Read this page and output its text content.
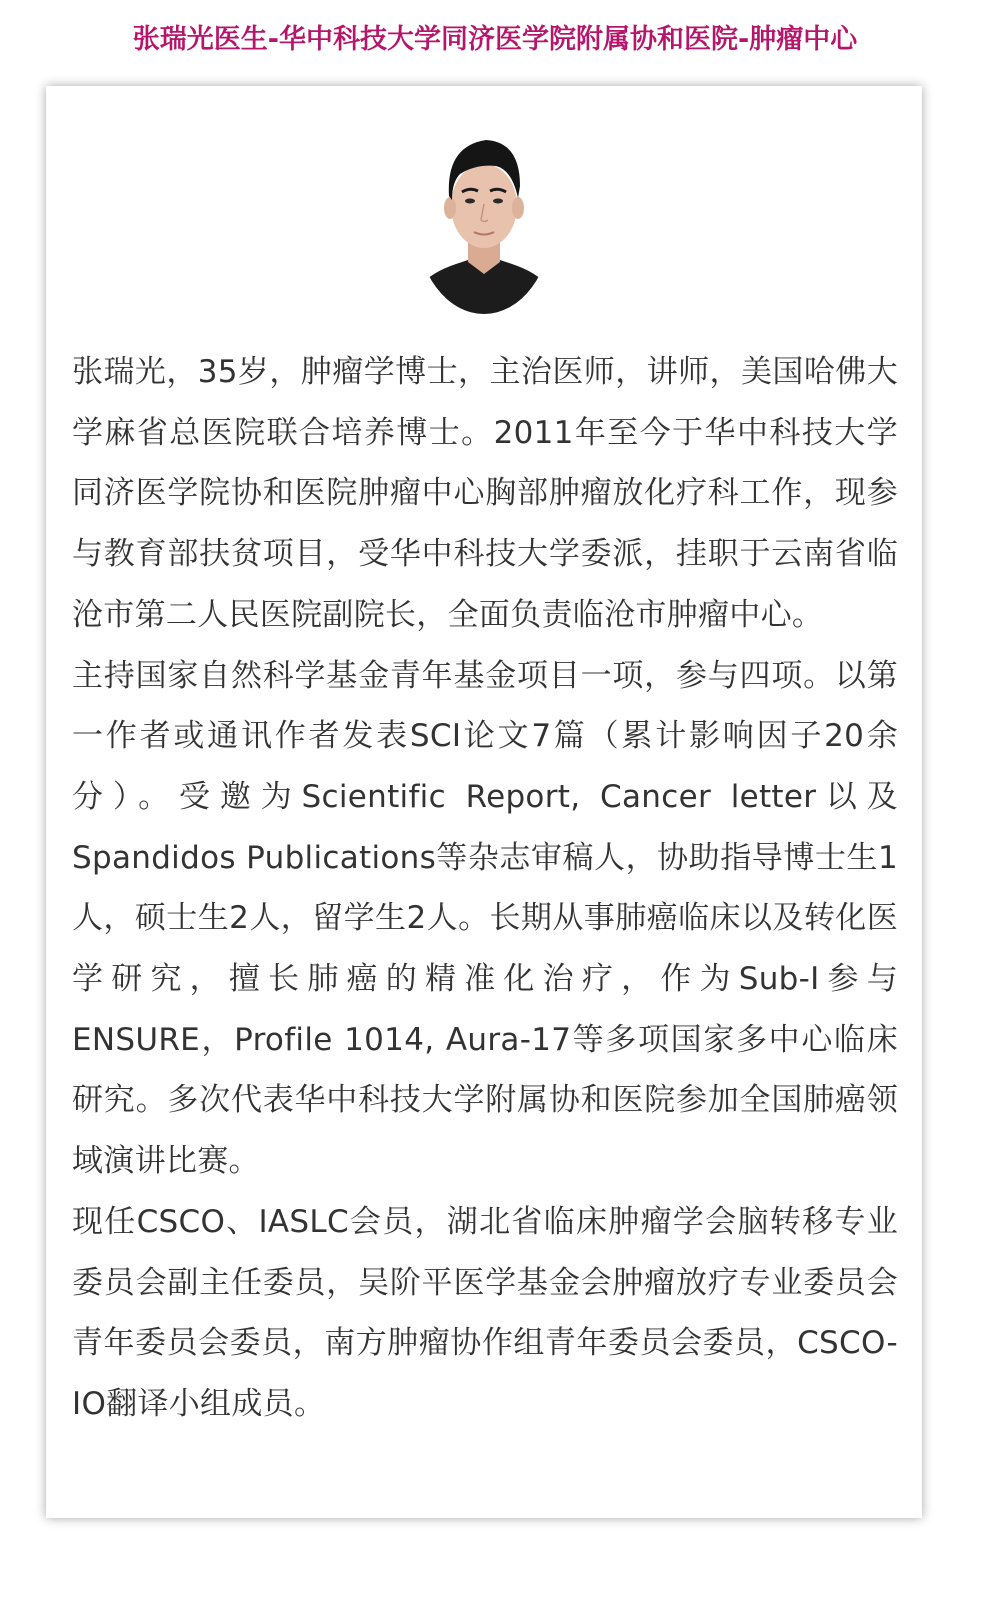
张瑞光医生-华中科技大学同济医学院附属协和医院-肿瘤中心

张瑞光，35岁，肿瘤学博士，主治医师，讲师，美国哈佛大学麻省总医院联合培养博士。2011年至今于华中科技大学同济医学院协和医院肿瘤中心胸部肿瘤放化疗科工作，现参与教育部扶贫项目，受华中科技大学委派，挂职于云南省临沧市第二人民医院副院长，全面负责临沧市肿瘤中心。

主持国家自然科学基金青年基金项目一项，参与四项。以第一作者或通讯作者发表SCI论文7篇（累计影响因子20余分）。受邀为Scientific Report, Cancer letter以及Spandidos Publications等杂志审稿人，协助指导博士生1人，硕士生2人，留学生2人。长期从事肺癌临床以及转化医学研究，擅长肺癌的精准化治疗，作为Sub-I参与ENSURE，Profile 1014, Aura-17等多项国家多中心临床研究。多次代表华中科技大学附属协和医院参加全国肺癌领域演讲比赛。

现任CSCO、IASLC会员，湖北省临床肿瘤学会脑转移专业委员会副主任委员，吴阶平医学基金会肿瘤放疗专业委员会青年委员会委员，南方肿瘤协作组青年委员会委员，CSCO-IO翻译小组成员。
